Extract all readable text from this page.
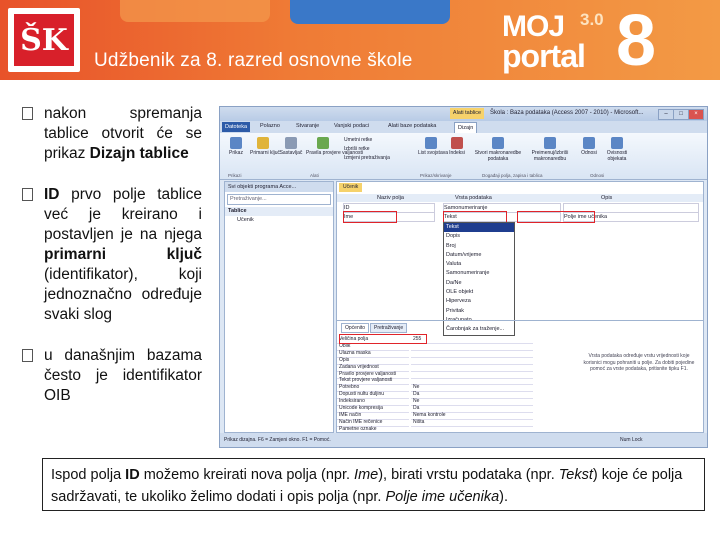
ŠK
Udžbenik za 8. razred osnovne škole
MOJ 3.0
portal 8
nakon spremanja tablice otvorit će se prikaz Dizajn tablice
ID prvo polje tablice već je kreirano i postavljen je na njega primarni ključ (identifikator), koji jednoznačno određuje svaki slog
u današnjim bazama često je identifikator OIB
Alati tablice	Škola : Baza podataka (Access 2007 - 2010) - Microsoft...	–	□	×
Datoteka	Polazno	Stvaranje	Vanjski podaci	Alati baze podataka	Dizajn
Prikaz	Primarni ključ Sastavljač Pravila provjere valjanosti
Umetni retke
Izbriši retke
Izmjeni pretraživanja
List svojstava Indeksi	Stvori makronaredbe podataka
Preimenuj/izbriši makronaredbu
Odnosi	Ovisnosti objekata
Prikazi	Alati	Prikaz/skrivanje	Događaji polja, zapisa i tablica	Odnosi
Svi objekti programa Acce...
Pretraživanje...
Tablice
Učenik
Učenik
Naziv polja	Vrsta podataka	Opis
ID	Samonumeriranje
Ime	Tekst	Polje ime učenika
Tekst
Dopis
Broj
Datum/vrijeme
Valuta
Samonumeriranje
Da/Ne
OLE objekt
Hiperveza
Privitak
Izračunato
Čarobnjak za traženje...
Općenito Pretraživanje
Veličina polja	255
Oblik
Ulazna maska
Opis
Zadana vrijednost
Pravilo provjere valjanosti
Tekst provjere valjanosti
Potrebno	Ne
Dopusti nultu duljinu	Da
Indeksirano	Ne
Unicode kompresija	Da
IME način	Nema kontrole
Način IME rečenice	Ništa
Pametne oznake
Vrsta podataka određuje vrstu vrijednosti koje korisnici mogu pohraniti u polje. Za dobiti pojedine pomoć za vrste podataka, pritisnite tipku F1.
Prikaz dizajna. F6 = Zamjeni okno. F1 = Pomoć.	Num Lock
Ispod polja ID možemo kreirati nova polja (npr. Ime), birati vrstu podataka (npr. Tekst) koje će polja sadržavati, te ukoliko želimo dodati i opis polja (npr. Polje ime učenika).
